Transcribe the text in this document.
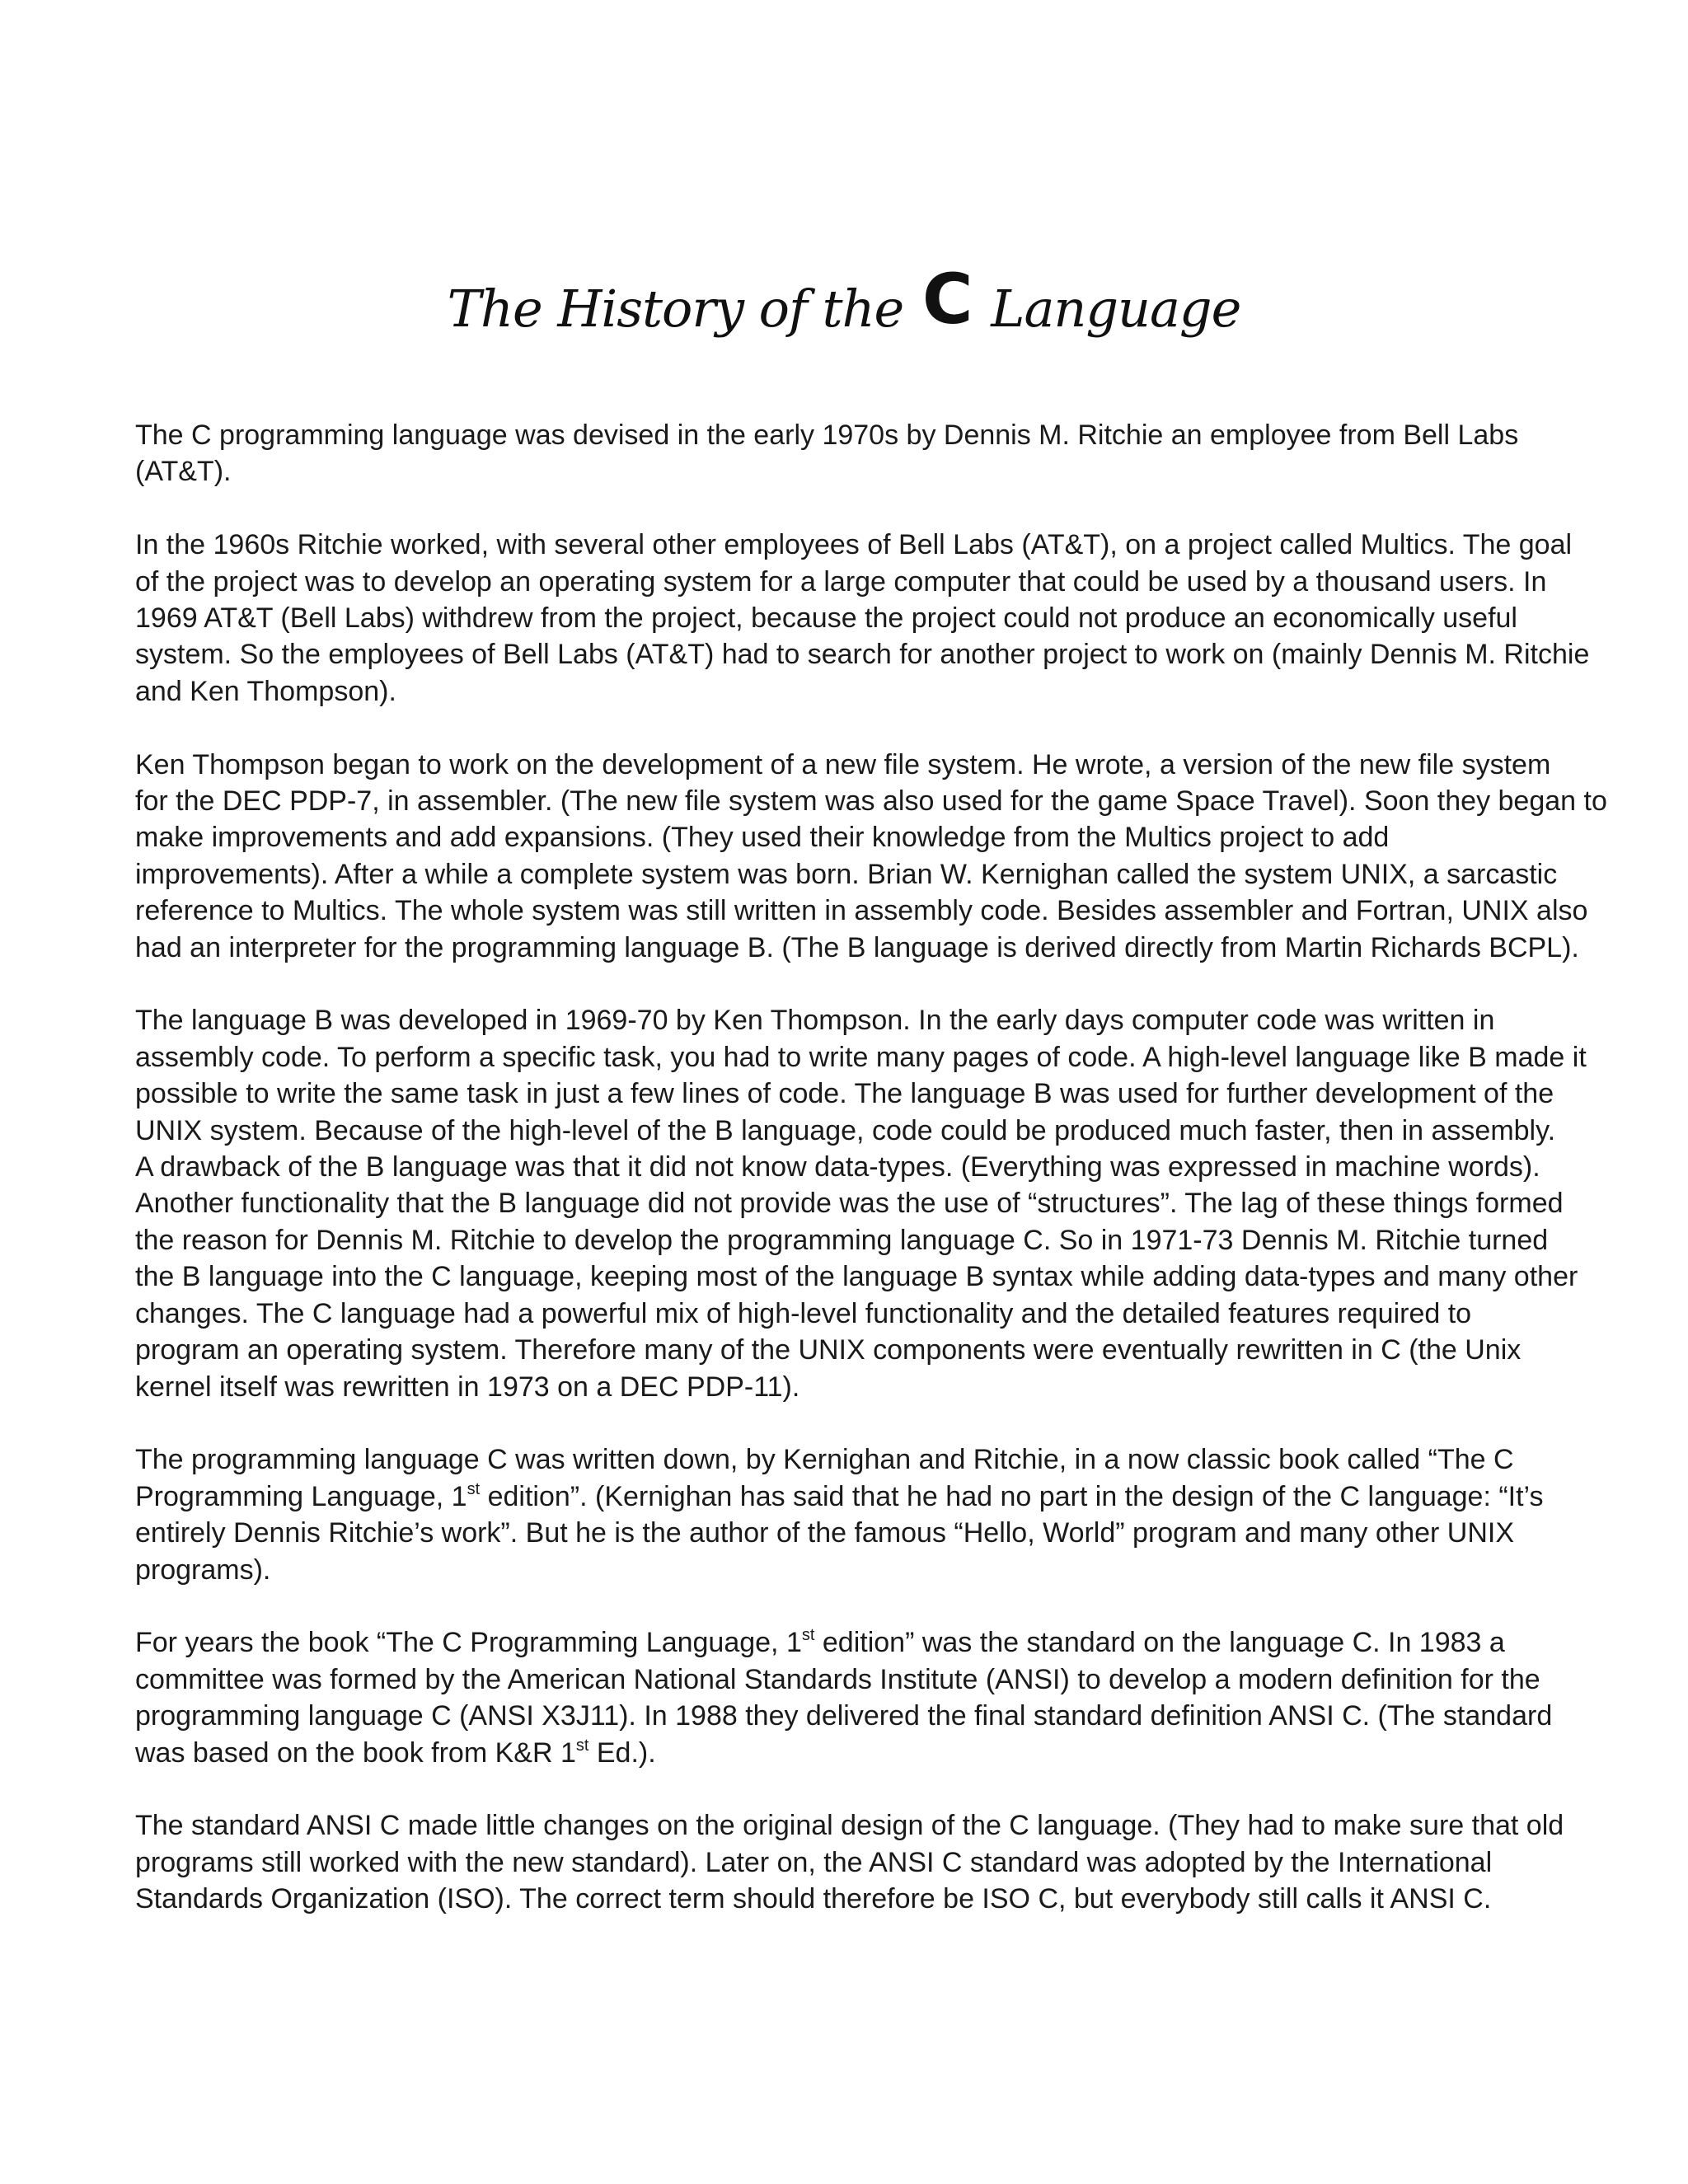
The History of the C Language
The C programming language was devised in the early 1970s by Dennis M. Ritchie an employee from Bell Labs
(AT&T).
In the 1960s Ritchie worked, with several other employees of Bell Labs (AT&T), on a project called Multics. The goal
of the project was to develop an operating system for a large computer that could be used by a thousand users. In
1969 AT&T (Bell Labs) withdrew from the project, because the project could not produce an economically useful
system. So the employees of Bell Labs (AT&T) had to search for another project to work on (mainly Dennis M. Ritchie
and Ken Thompson).
Ken Thompson began to work on the development of a new file system. He wrote, a version of the new file system
for the DEC PDP-7, in assembler. (The new file system was also used for the game Space Travel). Soon they began to
make improvements and add expansions. (They used their knowledge from the Multics project to add
improvements). After a while a complete system was born. Brian W. Kernighan called the system UNIX, a sarcastic
reference to Multics. The whole system was still written in assembly code. Besides assembler and Fortran, UNIX also
had an interpreter for the programming language B. (The B language is derived directly from Martin Richards BCPL).
The language B was developed in 1969-70 by Ken Thompson. In the early days computer code was written in
assembly code. To perform a specific task, you had to write many pages of code. A high-level language like B made it
possible to write the same task in just a few lines of code. The language B was used for further development of the
UNIX system. Because of the high-level of the B language, code could be produced much faster, then in assembly.
A drawback of the B language was that it did not know data-types. (Everything was expressed in machine words).
Another functionality that the B language did not provide was the use of “structures”. The lag of these things formed
the reason for Dennis M. Ritchie to develop the programming language C. So in 1971-73 Dennis M. Ritchie turned
the B language into the C language, keeping most of the language B syntax while adding data-types and many other
changes. The C language had a powerful mix of high-level functionality and the detailed features required to
program an operating system. Therefore many of the UNIX components were eventually rewritten in C (the Unix
kernel itself was rewritten in 1973 on a DEC PDP-11).
The programming language C was written down, by Kernighan and Ritchie, in a now classic book called “The C
Programming Language, 1st edition”. (Kernighan has said that he had no part in the design of the C language: “It’s
entirely Dennis Ritchie’s work”. But he is the author of the famous “Hello, World” program and many other UNIX
programs).
For years the book “The C Programming Language, 1st edition” was the standard on the language C. In 1983 a
committee was formed by the American National Standards Institute (ANSI) to develop a modern definition for the
programming language C (ANSI X3J11). In 1988 they delivered the final standard definition ANSI C. (The standard
was based on the book from K&R 1st Ed.).
The standard ANSI C made little changes on the original design of the C language. (They had to make sure that old
programs still worked with the new standard). Later on, the ANSI C standard was adopted by the International
Standards Organization (ISO). The correct term should therefore be ISO C, but everybody still calls it ANSI C.
